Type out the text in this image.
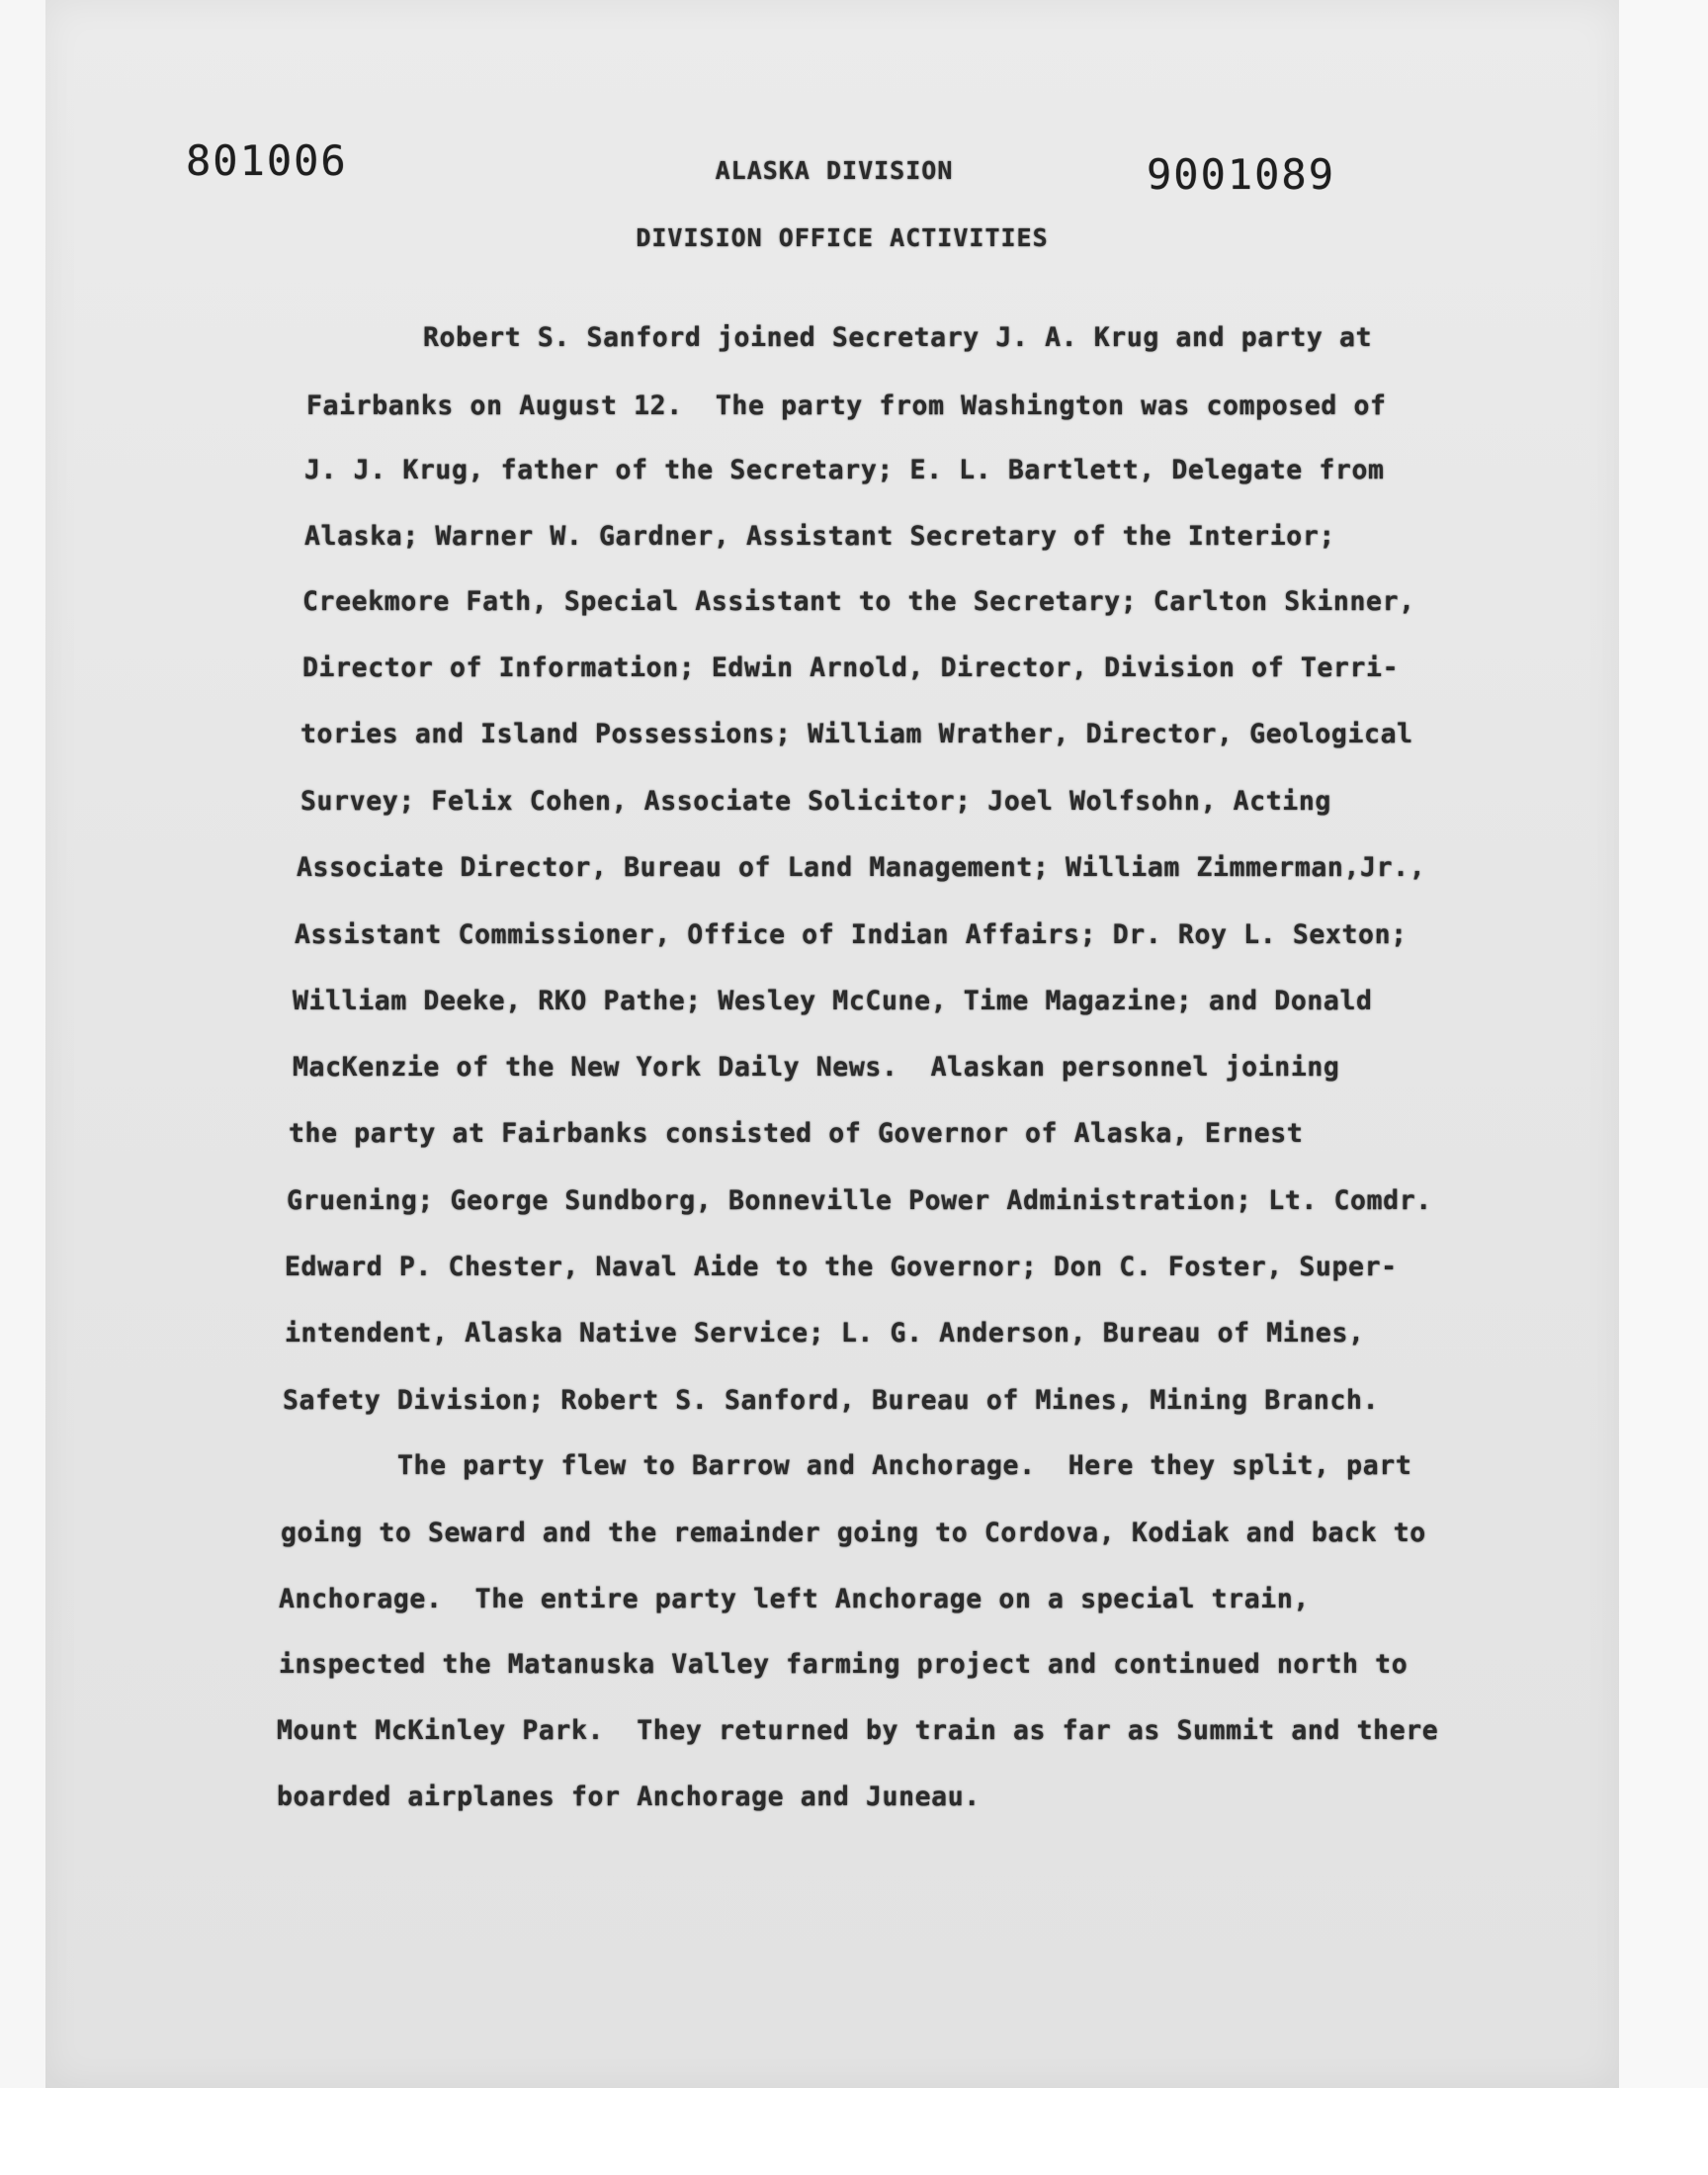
801006	9001089
ALASKA DIVISION
DIVISION OFFICE ACTIVITIES
Robert S. Sanford joined Secretary J. A. Krug and party at
Fairbanks on August 12.  The party from Washington was composed of
J. J. Krug, father of the Secretary; E. L. Bartlett, Delegate from
Alaska; Warner W. Gardner, Assistant Secretary of the Interior;
Creekmore Fath, Special Assistant to the Secretary; Carlton Skinner,
Director of Information; Edwin Arnold, Director, Division of Terri-
tories and Island Possessions; William Wrather, Director, Geological
Survey; Felix Cohen, Associate Solicitor; Joel Wolfsohn, Acting
Associate Director, Bureau of Land Management; William Zimmerman,Jr.,
Assistant Commissioner, Office of Indian Affairs; Dr. Roy L. Sexton;
William Deeke, RKO Pathe; Wesley McCune, Time Magazine; and Donald
MacKenzie of the New York Daily News.  Alaskan personnel joining
the party at Fairbanks consisted of Governor of Alaska, Ernest
Gruening; George Sundborg, Bonneville Power Administration; Lt. Comdr.
Edward P. Chester, Naval Aide to the Governor; Don C. Foster, Super-
intendent, Alaska Native Service; L. G. Anderson, Bureau of Mines,
Safety Division; Robert S. Sanford, Bureau of Mines, Mining Branch.
The party flew to Barrow and Anchorage.  Here they split, part
going to Seward and the remainder going to Cordova, Kodiak and back to
Anchorage.  The entire party left Anchorage on a special train,
inspected the Matanuska Valley farming project and continued north to
Mount McKinley Park.  They returned by train as far as Summit and there
boarded airplanes for Anchorage and Juneau.
